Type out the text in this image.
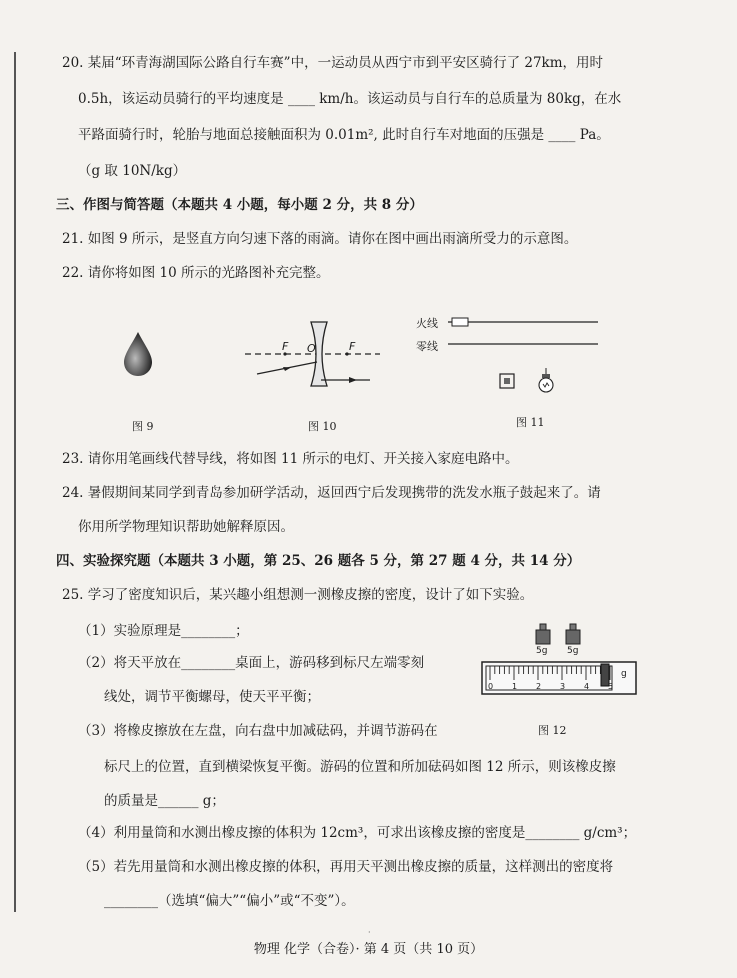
20. 某届“环青海湖国际公路自行车赛”中，一运动员从西宁市到平安区骑行了 27km，用时
0.5h，该运动员骑行的平均速度是 ____ km/h。该运动员与自行车的总质量为 80kg，在水
平路面骑行时，轮胎与地面总接触面积为 0.01m², 此时自行车对地面的压强是 ____ Pa。
（g 取 10N/kg）
三、作图与简答题（本题共 4 小题，每小题 2 分，共 8 分）
21. 如图 9 所示，是竖直方向匀速下落的雨滴。请你在图中画出雨滴所受力的示意图。
22. 请你将如图 10 所示的光路图补充完整。
图 9
F O	F
图 10
火线
零线
图 11
23. 请你用笔画线代替导线，将如图 11 所示的电灯、开关接入家庭电路中。
24. 暑假期间某同学到青岛参加研学活动，返回西宁后发现携带的洗发水瓶子鼓起来了。请
你用所学物理知识帮助她解释原因。
四、实验探究题（本题共 3 小题，第 25、26 题各 5 分，第 27 题 4 分，共 14 分）
25. 学习了密度知识后，某兴趣小组想测一测橡皮擦的密度，设计了如下实验。
（1）实验原理是________；
（2）将天平放在________桌面上，游码移到标尺左端零刻
线处，调节平衡螺母，使天平平衡；
（3）将橡皮擦放在左盘，向右盘中加减砝码，并调节游码在
标尺上的位置，直到横梁恢复平衡。游码的位置和所加砝码如图 12 所示，则该橡皮擦
的质量是______ g；
（4）利用量筒和水测出橡皮擦的体积为 12cm³，可求出该橡皮擦的密度是________ g/cm³；
（5）若先用量筒和水测出橡皮擦的体积，再用天平测出橡皮擦的质量，这样测出的密度将
________（选填“偏大”“偏小”或“不变”）。
5g 5g
0 1 2 3 4 5
g
图 12
·
物理 化学（合卷）· 第 4 页（共 10 页）
